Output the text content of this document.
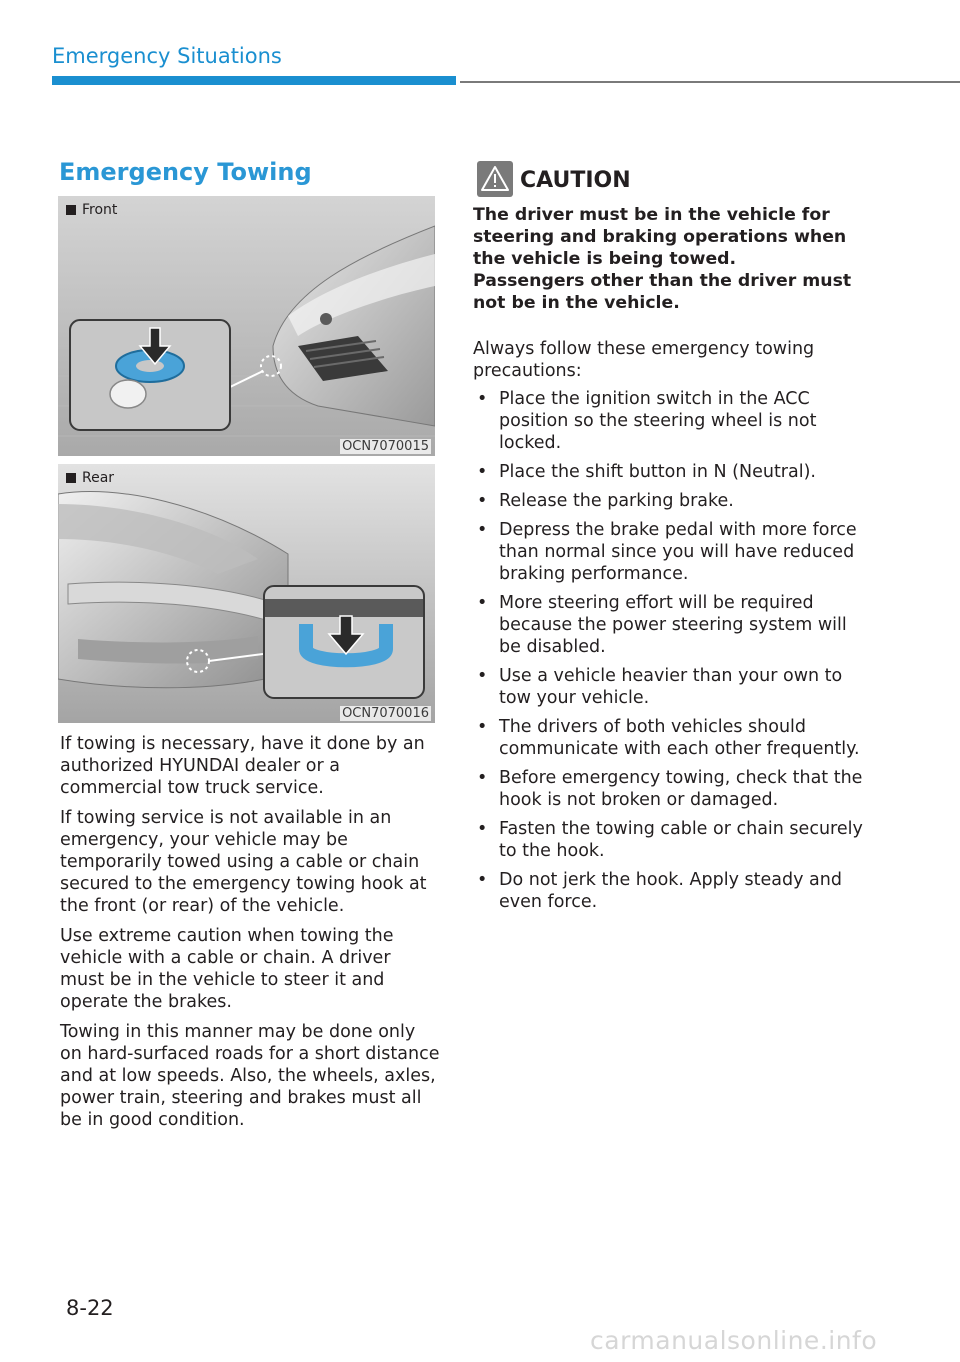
Emergency Situations
Emergency Towing
Front
OCN7070015
Rear
OCN7070016

If towing is necessary, have it done by an authorized HYUNDAI dealer or a commercial tow truck service.

If towing service is not available in an emergency, your vehicle may be temporarily towed using a cable or chain secured to the emergency towing hook at the front (or rear) of the vehicle.

Use extreme caution when towing the vehicle with a cable or chain. A driver must be in the vehicle to steer it and operate the brakes.

Towing in this manner may be done only on hard-surfaced roads for a short distance and at low speeds. Also, the wheels, axles, power train, steering and brakes must all be in good condition.

CAUTION
The driver must be in the vehicle for steering and braking operations when the vehicle is being towed. Passengers other than the driver must not be in the vehicle.

Always follow these emergency towing precautions:

• Place the ignition switch in the ACC position so the steering wheel is not locked.
• Place the shift button in N (Neutral).
• Release the parking brake.
• Depress the brake pedal with more force than normal since you will have reduced braking performance.
• More steering effort will be required because the power steering system will be disabled.
• Use a vehicle heavier than your own to tow your vehicle.
• The drivers of both vehicles should communicate with each other frequently.
• Before emergency towing, check that the hook is not broken or damaged.
• Fasten the towing cable or chain securely to the hook.
• Do not jerk the hook. Apply steady and even force.
8-22
carmanualsonline.info
